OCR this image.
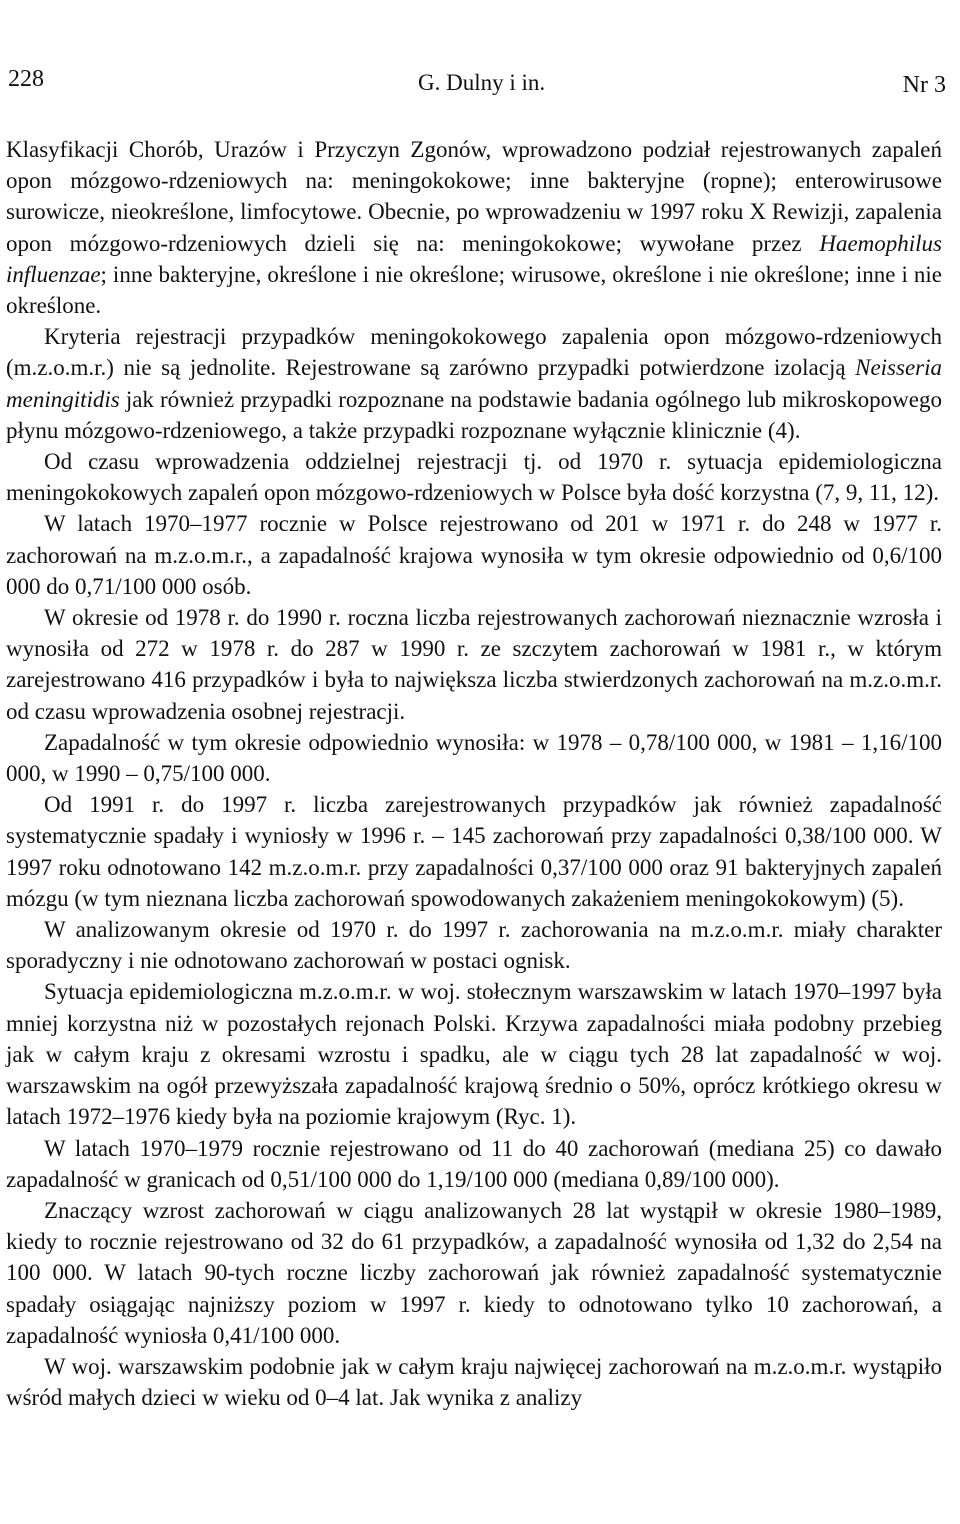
228	G. Dulny i in.	Nr 3

Klasyfikacji Chorób, Urazów i Przyczyn Zgonów, wprowadzono podział rejestrowanych zapaleń opon mózgowo-rdzeniowych na: meningokokowe; inne bakteryjne (ropne); enterowirusowe surowicze, nieokreślone, limfocytowe. Obecnie, po wprowadzeniu w 1997 roku X Rewizji, zapalenia opon mózgowo-rdzeniowych dzieli się na: meningokokowe; wywołane przez Haemophilus influenzae; inne bakteryjne, określone i nie określone; wirusowe, określone i nie określone; inne i nie określone.

Kryteria rejestracji przypadków meningokokowego zapalenia opon mózgowo-rdzeniowych (m.z.o.m.r.) nie są jednolite. Rejestrowane są zarówno przypadki potwierdzone izolacją Neisseria meningitidis jak również przypadki rozpoznane na podstawie badania ogólnego lub mikroskopowego płynu mózgowo-rdzeniowego, a także przypadki rozpoznane wyłącznie klinicznie (4).

Od czasu wprowadzenia oddzielnej rejestracji tj. od 1970 r. sytuacja epidemiologiczna meningokokowych zapaleń opon mózgowo-rdzeniowych w Polsce była dość korzystna (7, 9, 11, 12).

W latach 1970–1977 rocznie w Polsce rejestrowano od 201 w 1971 r. do 248 w 1977 r. zachorowań na m.z.o.m.r., a zapadalność krajowa wynosiła w tym okresie odpowiednio od 0,6/100 000 do 0,71/100 000 osób.

W okresie od 1978 r. do 1990 r. roczna liczba rejestrowanych zachorowań nieznacznie wzrosła i wynosiła od 272 w 1978 r. do 287 w 1990 r. ze szczytem zachorowań w 1981 r., w którym zarejestrowano 416 przypadków i była to największa liczba stwierdzonych zachorowań na m.z.o.m.r. od czasu wprowadzenia osobnej rejestracji.

Zapadalność w tym okresie odpowiednio wynosiła: w 1978 – 0,78/100 000, w 1981 – 1,16/100 000, w 1990 – 0,75/100 000.

Od 1991 r. do 1997 r. liczba zarejestrowanych przypadków jak również zapadalność systematycznie spadały i wyniosły w 1996 r. – 145 zachorowań przy zapadalności 0,38/100 000. W 1997 roku odnotowano 142 m.z.o.m.r. przy zapadalności 0,37/100 000 oraz 91 bakteryjnych zapaleń mózgu (w tym nieznana liczba zachorowań spowodowanych zakażeniem meningokokowym) (5).

W analizowanym okresie od 1970 r. do 1997 r. zachorowania na m.z.o.m.r. miały charakter sporadyczny i nie odnotowano zachorowań w postaci ognisk.

Sytuacja epidemiologiczna m.z.o.m.r. w woj. stołecznym warszawskim w latach 1970–1997 była mniej korzystna niż w pozostałych rejonach Polski. Krzywa zapadalności miała podobny przebieg jak w całym kraju z okresami wzrostu i spadku, ale w ciągu tych 28 lat zapadalność w woj. warszawskim na ogół przewyższała zapadalność krajową średnio o 50%, oprócz krótkiego okresu w latach 1972–1976 kiedy była na poziomie krajowym (Ryc. 1).

W latach 1970–1979 rocznie rejestrowano od 11 do 40 zachorowań (mediana 25) co dawało zapadalność w granicach od 0,51/100 000 do 1,19/100 000 (mediana 0,89/100 000).

Znaczący wzrost zachorowań w ciągu analizowanych 28 lat wystąpił w okresie 1980–1989, kiedy to rocznie rejestrowano od 32 do 61 przypadków, a zapadalność wynosiła od 1,32 do 2,54 na 100 000. W latach 90-tych roczne liczby zachorowań jak również zapadalność systematycznie spadały osiągając najniższy poziom w 1997 r. kiedy to odnotowano tylko 10 zachorowań, a zapadalność wyniosła 0,41/100 000.

W woj. warszawskim podobnie jak w całym kraju najwięcej zachorowań na m.z.o.m.r. wystąpiło wśród małych dzieci w wieku od 0–4 lat. Jak wynika z analizy
